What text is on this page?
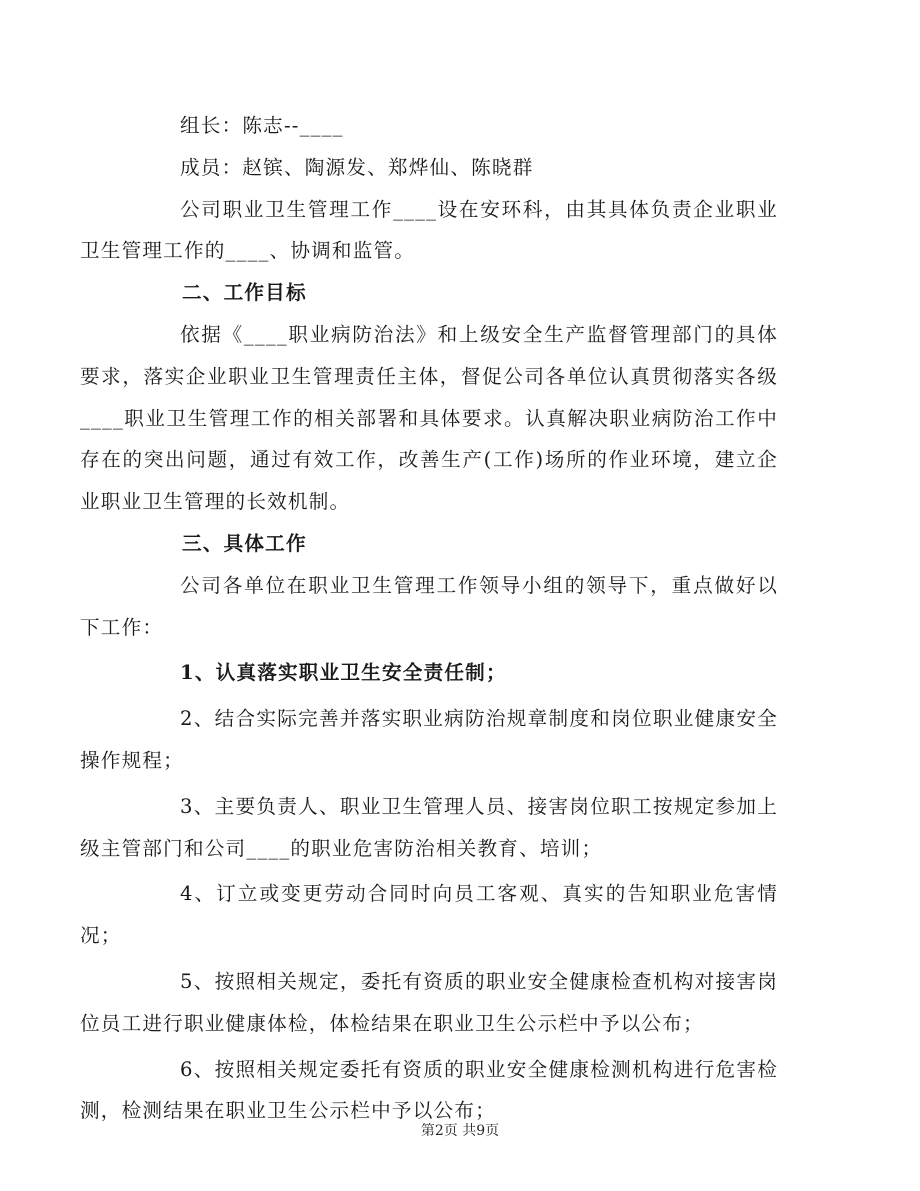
组长：陈志--____

成员：赵镔、陶源发、郑烨仙、陈晓群

公司职业卫生管理工作____设在安环科，由其具体负责企业职业卫生管理工作的____、协调和监管。

二、工作目标

依据《____职业病防治法》和上级安全生产监督管理部门的具体要求，落实企业职业卫生管理责任主体，督促公司各单位认真贯彻落实各级____职业卫生管理工作的相关部署和具体要求。认真解决职业病防治工作中存在的突出问题，通过有效工作，改善生产(工作)场所的作业环境，建立企业职业卫生管理的长效机制。

三、具体工作

公司各单位在职业卫生管理工作领导小组的领导下，重点做好以下工作：

1、认真落实职业卫生安全责任制；

2、结合实际完善并落实职业病防治规章制度和岗位职业健康安全操作规程；

3、主要负责人、职业卫生管理人员、接害岗位职工按规定参加上级主管部门和公司____的职业危害防治相关教育、培训；

4、订立或变更劳动合同时向员工客观、真实的告知职业危害情况；

5、按照相关规定，委托有资质的职业安全健康检查机构对接害岗位员工进行职业健康体检，体检结果在职业卫生公示栏中予以公布；

6、按照相关规定委托有资质的职业安全健康检测机构进行危害检测，检测结果在职业卫生公示栏中予以公布；

第2页 共9页
